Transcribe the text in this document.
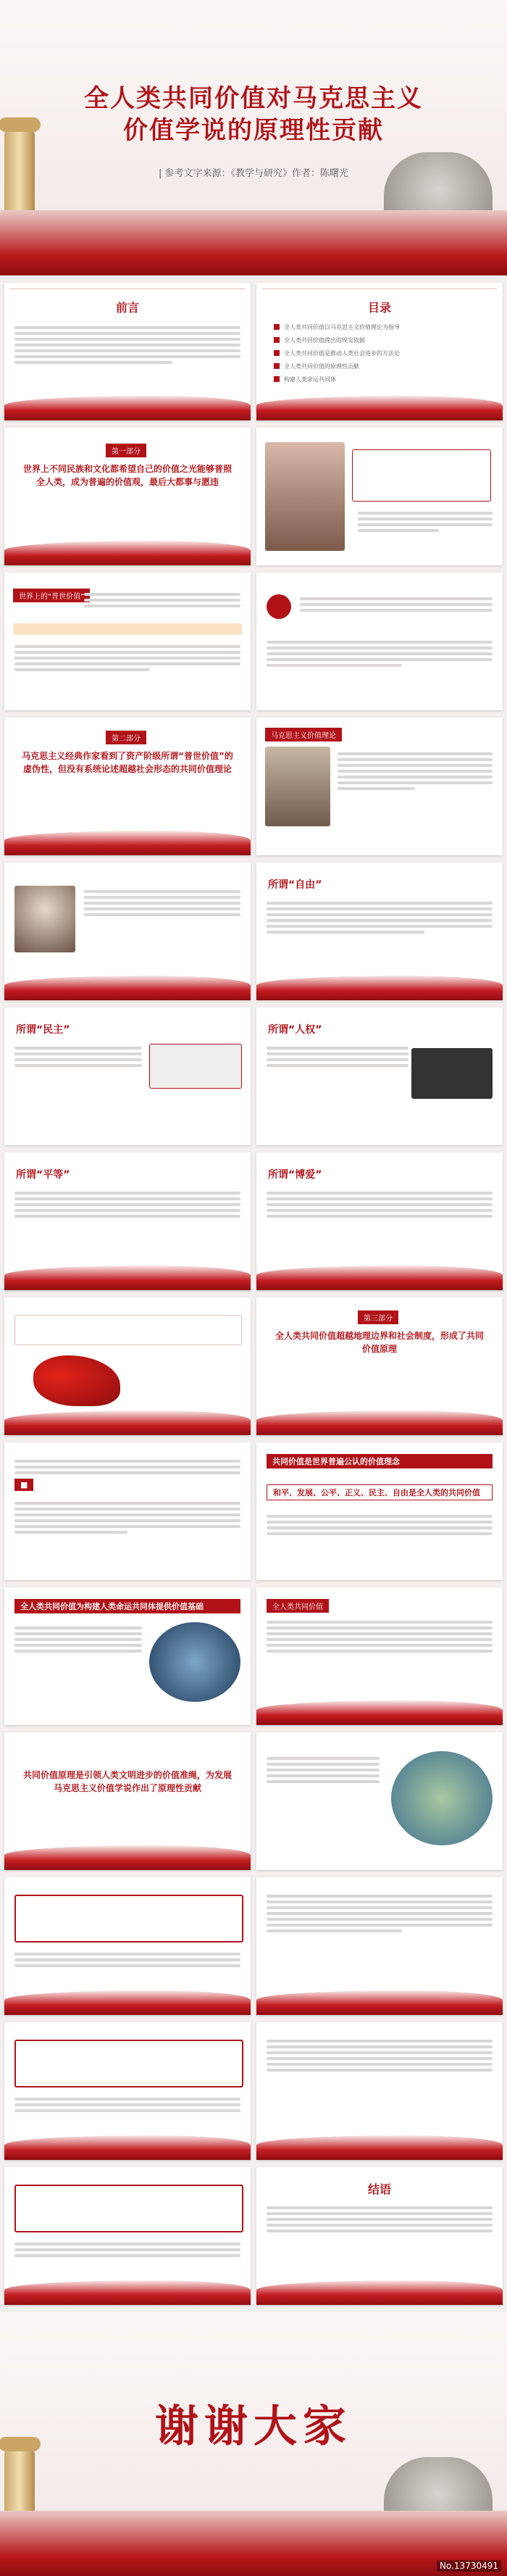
全人类共同价值对马克思主义
价值学说的原理性贡献
| 参考文字来源：《教学与研究》作者：陈曙光
前言	目录
全人类共同价值以马克思主义价值理论为指导
全人类共同价值提出的现实依据
全人类共同价值是推动人类社会进步的方法论
全人类共同价值的原理性贡献
构建人类命运共同体
第一部分
世界上不同民族和文化都希望自己的价值之光能够普照全人类，成为普遍的价值观，最后大都事与愿违
世界上的“普世价值”
第二部分
马克思主义经典作家看到了资产阶级所谓“普世价值”的虚伪性，但没有系统论述超越社会形态的共同价值理论
马克思主义价值理论
所谓“自由”
所谓“民主”	所谓“人权”
所谓“平等”	所谓“博爱”
第三部分
全人类共同价值超越地理边界和社会制度，形成了共同价值原理
■
共同价值是世界普遍公认的价值理念
和平、发展、公平、正义、民主、自由是全人类的共同价值
全人类共同价值为构建人类命运共同体提供价值基础	全人类共同价值
共同价值原理是引领人类文明进步的价值准绳，为发展马克思主义价值学说作出了原理性贡献
结语
谢谢大家
No.13730491
